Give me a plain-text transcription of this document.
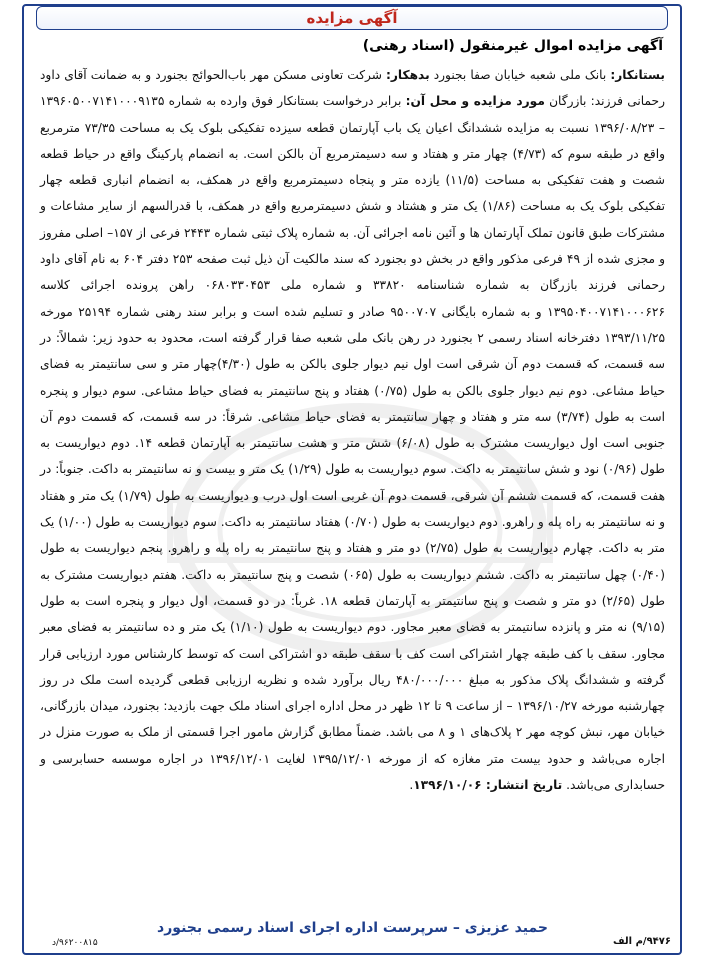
آگهی مزایده
آگهی مزایده اموال غیرمنقول (اسناد رهنی)
بستانکار: بانک ملی شعبه خیابان صفا بجنورد بدهکار: شرکت تعاونی مسکن مهر باب‌الحوائج بجنورد و به ضمانت آقای داود رحمانی فرزند: بازرگان مورد مزایده و محل آن: برابر درخواست بستانکار فوق وارده به شماره ۱۳۹۶۰۵۰۰۷۱۴۱۰۰۰۹۱۳۵ – ۱۳۹۶/۰۸/۲۳ نسبت به مزایده ششدانگ اعیان یک باب آپارتمان قطعه سیزده تفکیکی بلوک یک به مساحت ۷۳/۳۵ مترمربع واقع در طبقه سوم که (۴/۷۳) چهار متر و هفتاد و سه دسیمترمربع آن بالکن است. به انضمام پارکینگ واقع در حیاط قطعه شصت و هفت تفکیکی به مساحت (۱۱/۵) یازده متر و پنجاه دسیمترمربع واقع در همکف، به انضمام انباری قطعه چهار تفکیکی بلوک یک به مساحت (۱/۸۶) یک متر و هشتاد و شش دسیمترمربع واقع در همکف، با قدرالسهم از سایر مشاعات و مشترکات طبق قانون تملک آپارتمان ها و آئین نامه اجرائی آن. به شماره پلاک ثبتی شماره ۲۴۴۳ فرعی از ۱۵۷– اصلی مفروز و مجزی شده از ۴۹ فرعی مذکور واقع در بخش دو بجنورد که سند مالکیت آن ذیل ثبت صفحه ۲۵۳ دفتر ۶۰۴ به نام آقای داود رحمانی فرزند بازرگان به شماره شناسنامه ۳۳۸۲۰ و شماره ملی ۰۶۸۰۳۳۰۴۵۳ راهن پرونده اجرائی کلاسه ۱۳۹۵۰۴۰۰۷۱۴۱۰۰۰۶۲۶ و به شماره بایگانی ۹۵۰۰۷۰۷ صادر و تسلیم شده است و برابر سند رهنی شماره ۲۵۱۹۴ مورخه ۱۳۹۳/۱۱/۲۵ دفترخانه اسناد رسمی ۲ بجنورد در رهن بانک ملی شعبه صفا قرار گرفته است، محدود به حدود زیر: شمالاً: در سه قسمت، که قسمت دوم آن شرقی است اول نیم دیوار جلوی بالکن به طول (۴/۳۰)چهار متر و سی سانتیمتر به فضای حیاط مشاعی. دوم نیم دیوار جلوی بالکن به طول (۰/۷۵) هفتاد و پنج سانتیمتر به فضای حیاط مشاعی. سوم دیوار و پنجره است به طول (۳/۷۴) سه متر و هفتاد و چهار سانتیمتر به فضای حیاط مشاعی. شرقاً: در سه قسمت، که قسمت دوم آن جنوبی است اول دیواریست مشترک به طول (۶/۰۸) شش متر و هشت سانتیمتر به آپارتمان قطعه ۱۴. دوم دیواریست به طول (۰/۹۶) نود و شش سانتیمتر به داکت. سوم دیواریست به طول (۱/۲۹) یک متر و بیست و نه سانتیمتر به داکت. جنوباً: در هفت قسمت، که قسمت ششم آن شرقی، قسمت دوم آن غربی است اول درب و دیواریست به طول (۱/۷۹) یک متر و هفتاد و نه سانتیمتر به راه پله و راهرو. دوم دیواریست به طول (۰/۷۰) هفتاد سانتیمتر به داکت. سوم دیواریست به طول (۱/۰۰) یک متر به داکت. چهارم دیواریست به طول (۲/۷۵) دو متر و هفتاد و پنج سانتیمتر به راه پله و راهرو. پنجم دیواریست به طول (۰/۴۰) چهل سانتیمتر به داکت. ششم دیواریست به طول (۰۶۵) شصت و پنج سانتیمتر به داکت. هفتم دیواریست مشترک به طول (۲/۶۵) دو متر و شصت و پنج سانتیمتر به آپارتمان قطعه ۱۸. غرباً: در دو قسمت، اول دیوار و پنجره است به طول (۹/۱۵) نه متر و پانزده سانتیمتر به فضای معبر مجاور. دوم دیواریست به طول (۱/۱۰) یک متر و ده سانتیمتر به فضای معبر مجاور. سقف با کف طبقه چهار اشتراکی است کف با سقف طبقه دو اشتراکی است که توسط کارشناس مورد ارزیابی قرار گرفته و ششدانگ پلاک مذکور به مبلغ ۴۸۰/۰۰۰/۰۰۰ ریال برآورد شده و نظریه ارزیابی قطعی گردیده است ملک در روز چهارشنبه مورخه ۱۳۹۶/۱۰/۲۷ – از ساعت ۹ تا ۱۲ ظهر در محل اداره اجرای اسناد ملک جهت بازدید: بجنورد، میدان بازرگانی، خیابان مهر، نبش کوچه مهر ۲ پلاک‌های ۱ و ۸ می باشد. ضمناً مطابق گزارش مامور اجرا قسمتی از ملک به صورت منزل در اجاره می‌باشد و حدود بیست متر مغازه که از مورخه ۱۳۹۵/۱۲/۰۱ لغایت ۱۳۹۶/۱۲/۰۱ در اجاره موسسه حسابرسی و حسابداری می‌باشد. تاریخ انتشار: ۱۳۹۶/۱۰/۰۶.
حمید عزیزی – سرپرست اداره اجرای اسناد رسمی بجنورد
۹۴۷۶/م الف
۹۶۲۰۰۸۱۵/د
